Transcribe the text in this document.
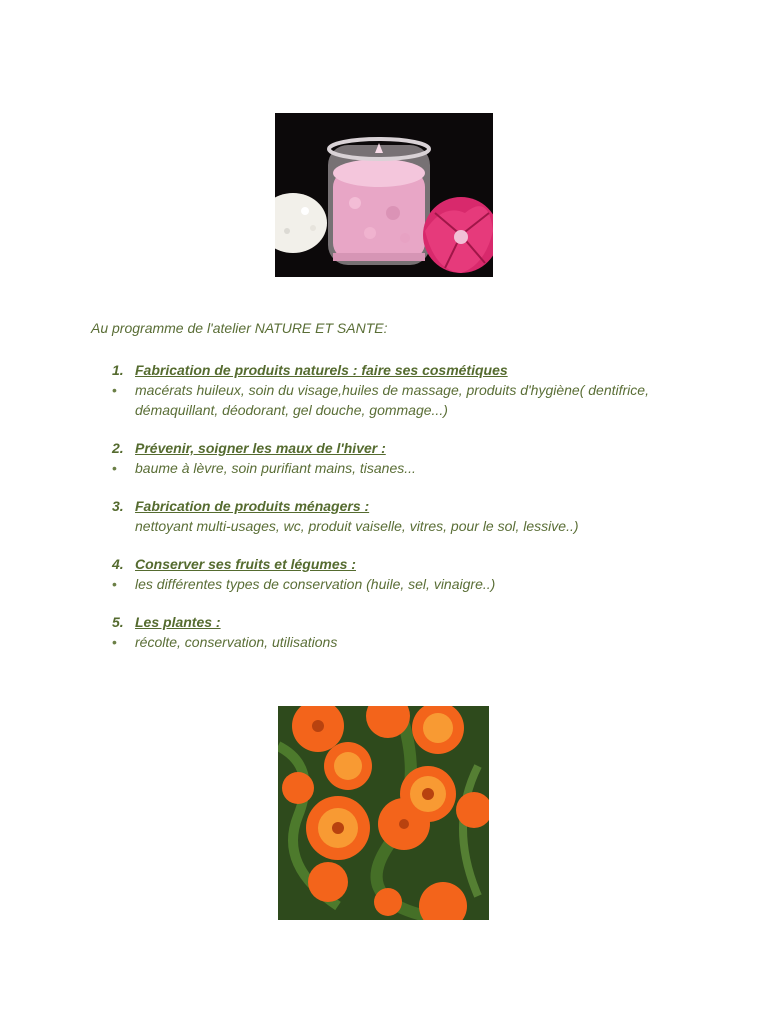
Au programme de l'atelier NATURE ET SANTE:

1. Fabrication de produits naturels : faire ses cosmétiques

• macérats huileux, soin du visage,huiles de massage, produits d'hygiène( dentifrice, démaquillant, déodorant, gel douche, gommage...)

2. Prévenir, soigner les maux de l'hiver :

• baume à lèvre, soin purifiant mains, tisanes...

3. Fabrication de produits ménagers :

nettoyant multi-usages, wc, produit vaiselle, vitres, pour le sol, lessive..)

4. Conserver ses fruits et légumes :

• les différentes types de conservation (huile, sel, vinaigre..)

5. Les plantes :

• récolte, conservation, utilisations
